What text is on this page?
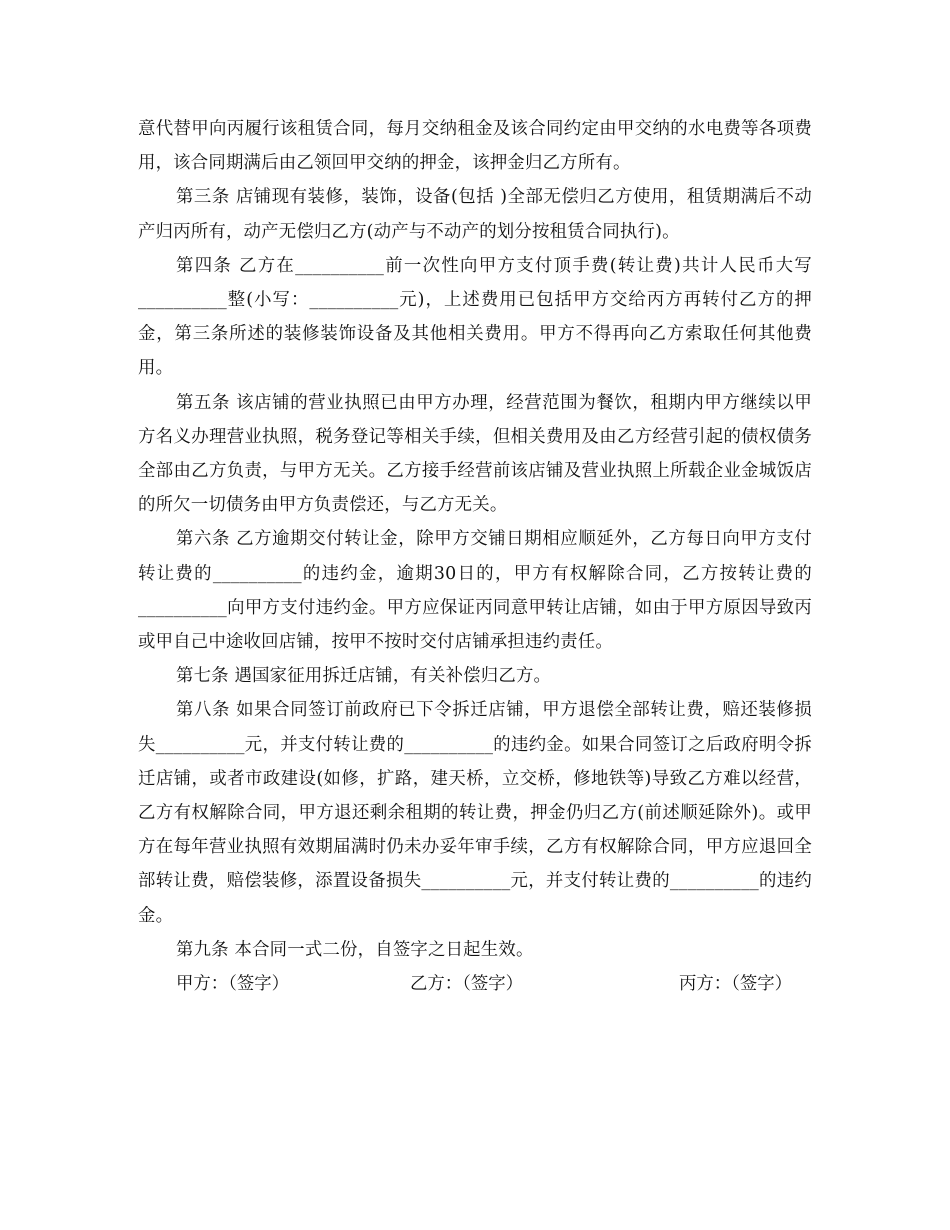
意代替甲向丙履行该租赁合同，每月交纳租金及该合同约定由甲交纳的水电费等各项费用，该合同期满后由乙领回甲交纳的押金，该押金归乙方所有。

第三条 店铺现有装修，装饰，设备(包括 )全部无偿归乙方使用，租赁期满后不动产归丙所有，动产无偿归乙方(动产与不动产的划分按租赁合同执行)。

第四条 乙方在__________前一次性向甲方支付顶手费(转让费)共计人民币大写__________整(小写：__________元)，上述费用已包括甲方交给丙方再转付乙方的押金，第三条所述的装修装饰设备及其他相关费用。甲方不得再向乙方索取任何其他费用。

第五条 该店铺的营业执照已由甲方办理，经营范围为餐饮，租期内甲方继续以甲方名义办理营业执照，税务登记等相关手续，但相关费用及由乙方经营引起的债权债务全部由乙方负责，与甲方无关。乙方接手经营前该店铺及营业执照上所载企业金城饭店的所欠一切债务由甲方负责偿还，与乙方无关。

第六条 乙方逾期交付转让金，除甲方交铺日期相应顺延外，乙方每日向甲方支付转让费的__________的违约金，逾期30日的，甲方有权解除合同，乙方按转让费的__________向甲方支付违约金。甲方应保证丙同意甲转让店铺，如由于甲方原因导致丙或甲自己中途收回店铺，按甲不按时交付店铺承担违约责任。

第七条 遇国家征用拆迁店铺，有关补偿归乙方。

第八条 如果合同签订前政府已下令拆迁店铺，甲方退偿全部转让费，赔还装修损失__________元，并支付转让费的__________的违约金。如果合同签订之后政府明令拆迁店铺，或者市政建设(如修，扩路，建天桥，立交桥，修地铁等)导致乙方难以经营，乙方有权解除合同，甲方退还剩余租期的转让费，押金仍归乙方(前述顺延除外)。或甲方在每年营业执照有效期届满时仍未办妥年审手续，乙方有权解除合同，甲方应退回全部转让费，赔偿装修，添置设备损失__________元，并支付转让费的__________的违约金。

第九条 本合同一式二份，自签字之日起生效。

甲方：（签字）	乙方：（签字）	丙方：（签字）
